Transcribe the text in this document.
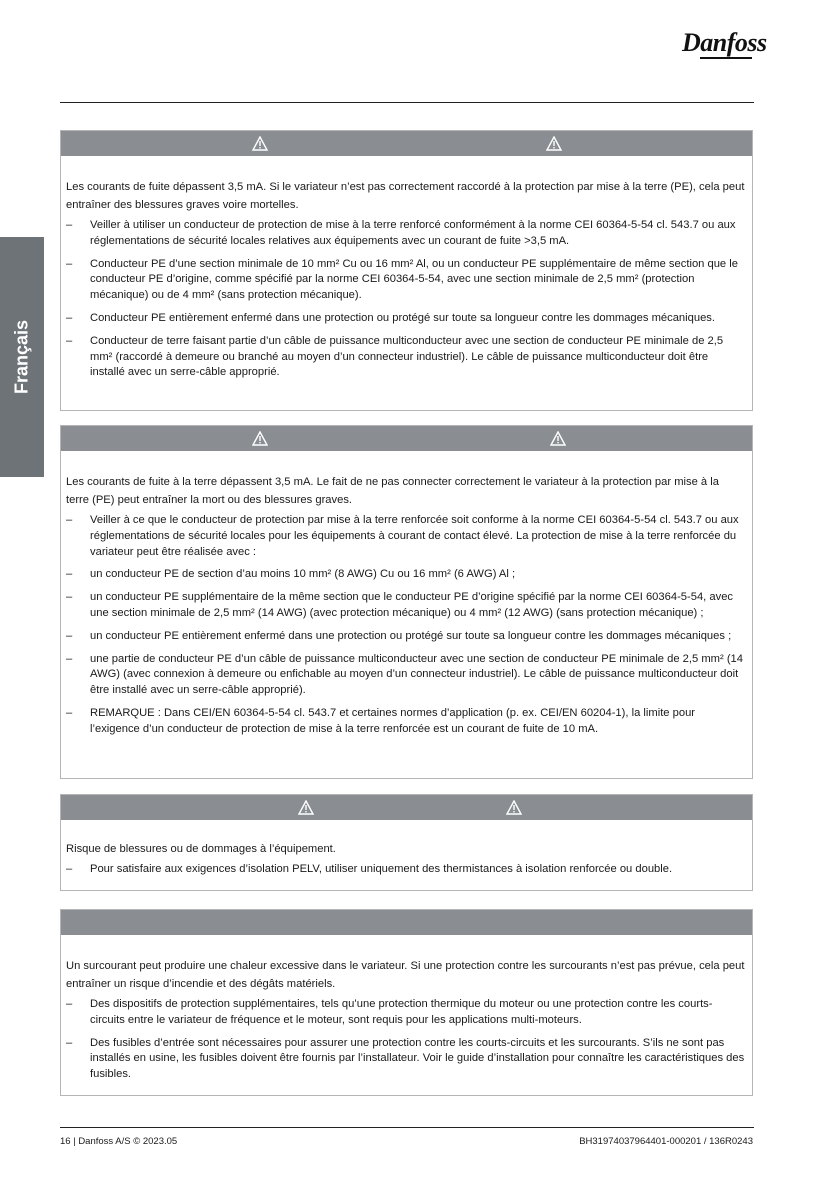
Danfoss
Français

Les courants de fuite dépassent 3,5 mA. Si le variateur n’est pas correctement raccordé à la protection par mise à la terre (PE), cela peut entraîner des blessures graves voire mortelles.

– Veiller à utiliser un conducteur de protection de mise à la terre renforcé conformément à la norme CEI 60364-5-54 cl. 543.7 ou aux réglementations de sécurité locales relatives aux équipements avec un courant de fuite >3,5 mA.
– Conducteur PE d’une section minimale de 10 mm² Cu ou 16 mm² Al, ou un conducteur PE supplémentaire de même section que le conducteur PE d’origine, comme spécifié par la norme CEI 60364-5-54, avec une section minimale de 2,5 mm² (protection mécanique) ou de 4 mm² (sans protection mécanique).
– Conducteur PE entièrement enfermé dans une protection ou protégé sur toute sa longueur contre les dommages mécaniques.
– Conducteur de terre faisant partie d’un câble de puissance multiconducteur avec une section de conducteur PE minimale de 2,5 mm² (raccordé à demeure ou branché au moyen d’un connecteur industriel). Le câble de puissance multiconducteur doit être installé avec un serre-câble approprié.

Les courants de fuite à la terre dépassent 3,5 mA. Le fait de ne pas connecter correctement le variateur à la protection par mise à la terre (PE) peut entraîner la mort ou des blessures graves.

– Veiller à ce que le conducteur de protection par mise à la terre renforcée soit conforme à la norme CEI 60364-5-54 cl. 543.7 ou aux réglementations de sécurité locales pour les équipements à courant de contact élevé. La protection de mise à la terre renforcée du variateur peut être réalisée avec :
– un conducteur PE de section d’au moins 10 mm² (8 AWG) Cu ou 16 mm² (6 AWG) Al ;
– un conducteur PE supplémentaire de la même section que le conducteur PE d’origine spécifié par la norme CEI 60364-5-54, avec une section minimale de 2,5 mm² (14 AWG) (avec protection mécanique) ou 4 mm² (12 AWG) (sans protection mécanique) ;
– un conducteur PE entièrement enfermé dans une protection ou protégé sur toute sa longueur contre les dommages mécaniques ;
– une partie de conducteur PE d’un câble de puissance multiconducteur avec une section de conducteur PE minimale de 2,5 mm² (14 AWG) (avec connexion à demeure ou enfichable au moyen d’un connecteur industriel). Le câble de puissance multiconducteur doit être installé avec un serre-câble approprié).
– REMARQUE : Dans CEI/EN 60364-5-54 cl. 543.7 et certaines normes d’application (p. ex. CEI/EN 60204-1), la limite pour l’exigence d’un conducteur de protection de mise à la terre renforcée est un courant de fuite de 10 mA.

Risque de blessures ou de dommages à l’équipement.

– Pour satisfaire aux exigences d’isolation PELV, utiliser uniquement des thermistances à isolation renforcée ou double.

Un surcourant peut produire une chaleur excessive dans le variateur. Si une protection contre les surcourants n’est pas prévue, cela peut entraîner un risque d’incendie et des dégâts matériels.

– Des dispositifs de protection supplémentaires, tels qu’une protection thermique du moteur ou une protection contre les courts-circuits entre le variateur de fréquence et le moteur, sont requis pour les applications multi-moteurs.
– Des fusibles d’entrée sont nécessaires pour assurer une protection contre les courts-circuits et les surcourants. S’ils ne sont pas installés en usine, les fusibles doivent être fournis par l’installateur. Voir le guide d’installation pour connaître les caractéristiques des fusibles.
16 | Danfoss A/S © 2023.05	BH31974037964401-000201 / 136R0243
